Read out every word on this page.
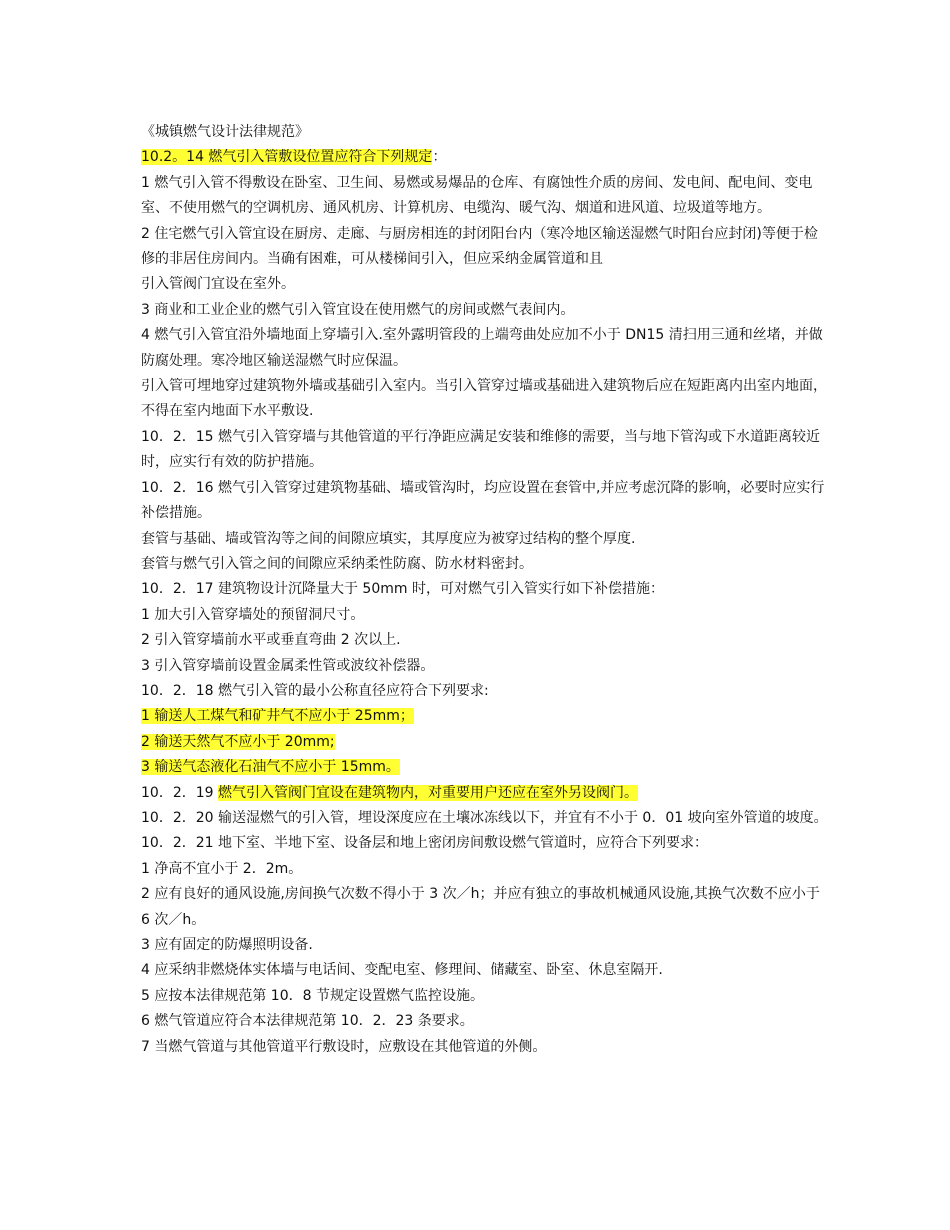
《城镇燃气设计法律规范》

10.2。14 燃气引入管敷设位置应符合下列规定：

1 燃气引入管不得敷设在卧室、卫生间、易燃或易爆品的仓库、有腐蚀性介质的房间、发电间、配电间、变电室、不使用燃气的空调机房、通风机房、计算机房、电缆沟、暖气沟、烟道和进风道、垃圾道等地方。

2 住宅燃气引入管宜设在厨房、走廊、与厨房相连的封闭阳台内（寒冷地区输送湿燃气时阳台应封闭)等便于检修的非居住房间内。当确有困难，可从楼梯间引入，但应采纳金属管道和且

引入管阀门宜设在室外。

3 商业和工业企业的燃气引入管宜设在使用燃气的房间或燃气表间内。

4 燃气引入管宜沿外墙地面上穿墙引入.室外露明管段的上端弯曲处应加不小于 DN15 清扫用三通和丝堵，并做防腐处理。寒冷地区输送湿燃气时应保温。

引入管可埋地穿过建筑物外墙或基础引入室内。当引入管穿过墙或基础进入建筑物后应在短距离内出室内地面，不得在室内地面下水平敷设.

10．2．15 燃气引入管穿墙与其他管道的平行净距应满足安装和维修的需要，当与地下管沟或下水道距离较近时，应实行有效的防护措施。

10．2．16 燃气引入管穿过建筑物基础、墙或管沟时，均应设置在套管中,并应考虑沉降的影响，必要时应实行补偿措施。

套管与基础、墙或管沟等之间的间隙应填实，其厚度应为被穿过结构的整个厚度.

套管与燃气引入管之间的间隙应采纳柔性防腐、防水材料密封。

10．2．17 建筑物设计沉降量大于 50mm 时，可对燃气引入管实行如下补偿措施：

1 加大引入管穿墙处的预留洞尺寸。

2 引入管穿墙前水平或垂直弯曲 2 次以上.

3 引入管穿墙前设置金属柔性管或波纹补偿器。

10．2．18 燃气引入管的最小公称直径应符合下列要求:

1 输送人工煤气和矿井气不应小于 25mm；

2 输送天然气不应小于 20mm;

3 输送气态液化石油气不应小于 15mm。

10．2．19 燃气引入管阀门宜设在建筑物内，对重要用户还应在室外另设阀门。

10．2．20 输送湿燃气的引入管，埋设深度应在土壤冰冻线以下，并宜有不小于 0．01 坡向室外管道的坡度。

10．2．21 地下室、半地下室、设备层和地上密闭房间敷设燃气管道时，应符合下列要求：

1 净高不宜小于 2．2m。

2 应有良好的通风设施,房间换气次数不得小于 3 次／h；并应有独立的事故机械通风设施,其换气次数不应小于 6 次／h。

3 应有固定的防爆照明设备.

4 应采纳非燃烧体实体墙与电话间、变配电室、修理间、储藏室、卧室、休息室隔开.

5 应按本法律规范第 10．8 节规定设置燃气监控设施。

6 燃气管道应符合本法律规范第 10．2．23 条要求。

7 当燃气管道与其他管道平行敷设时，应敷设在其他管道的外侧。
